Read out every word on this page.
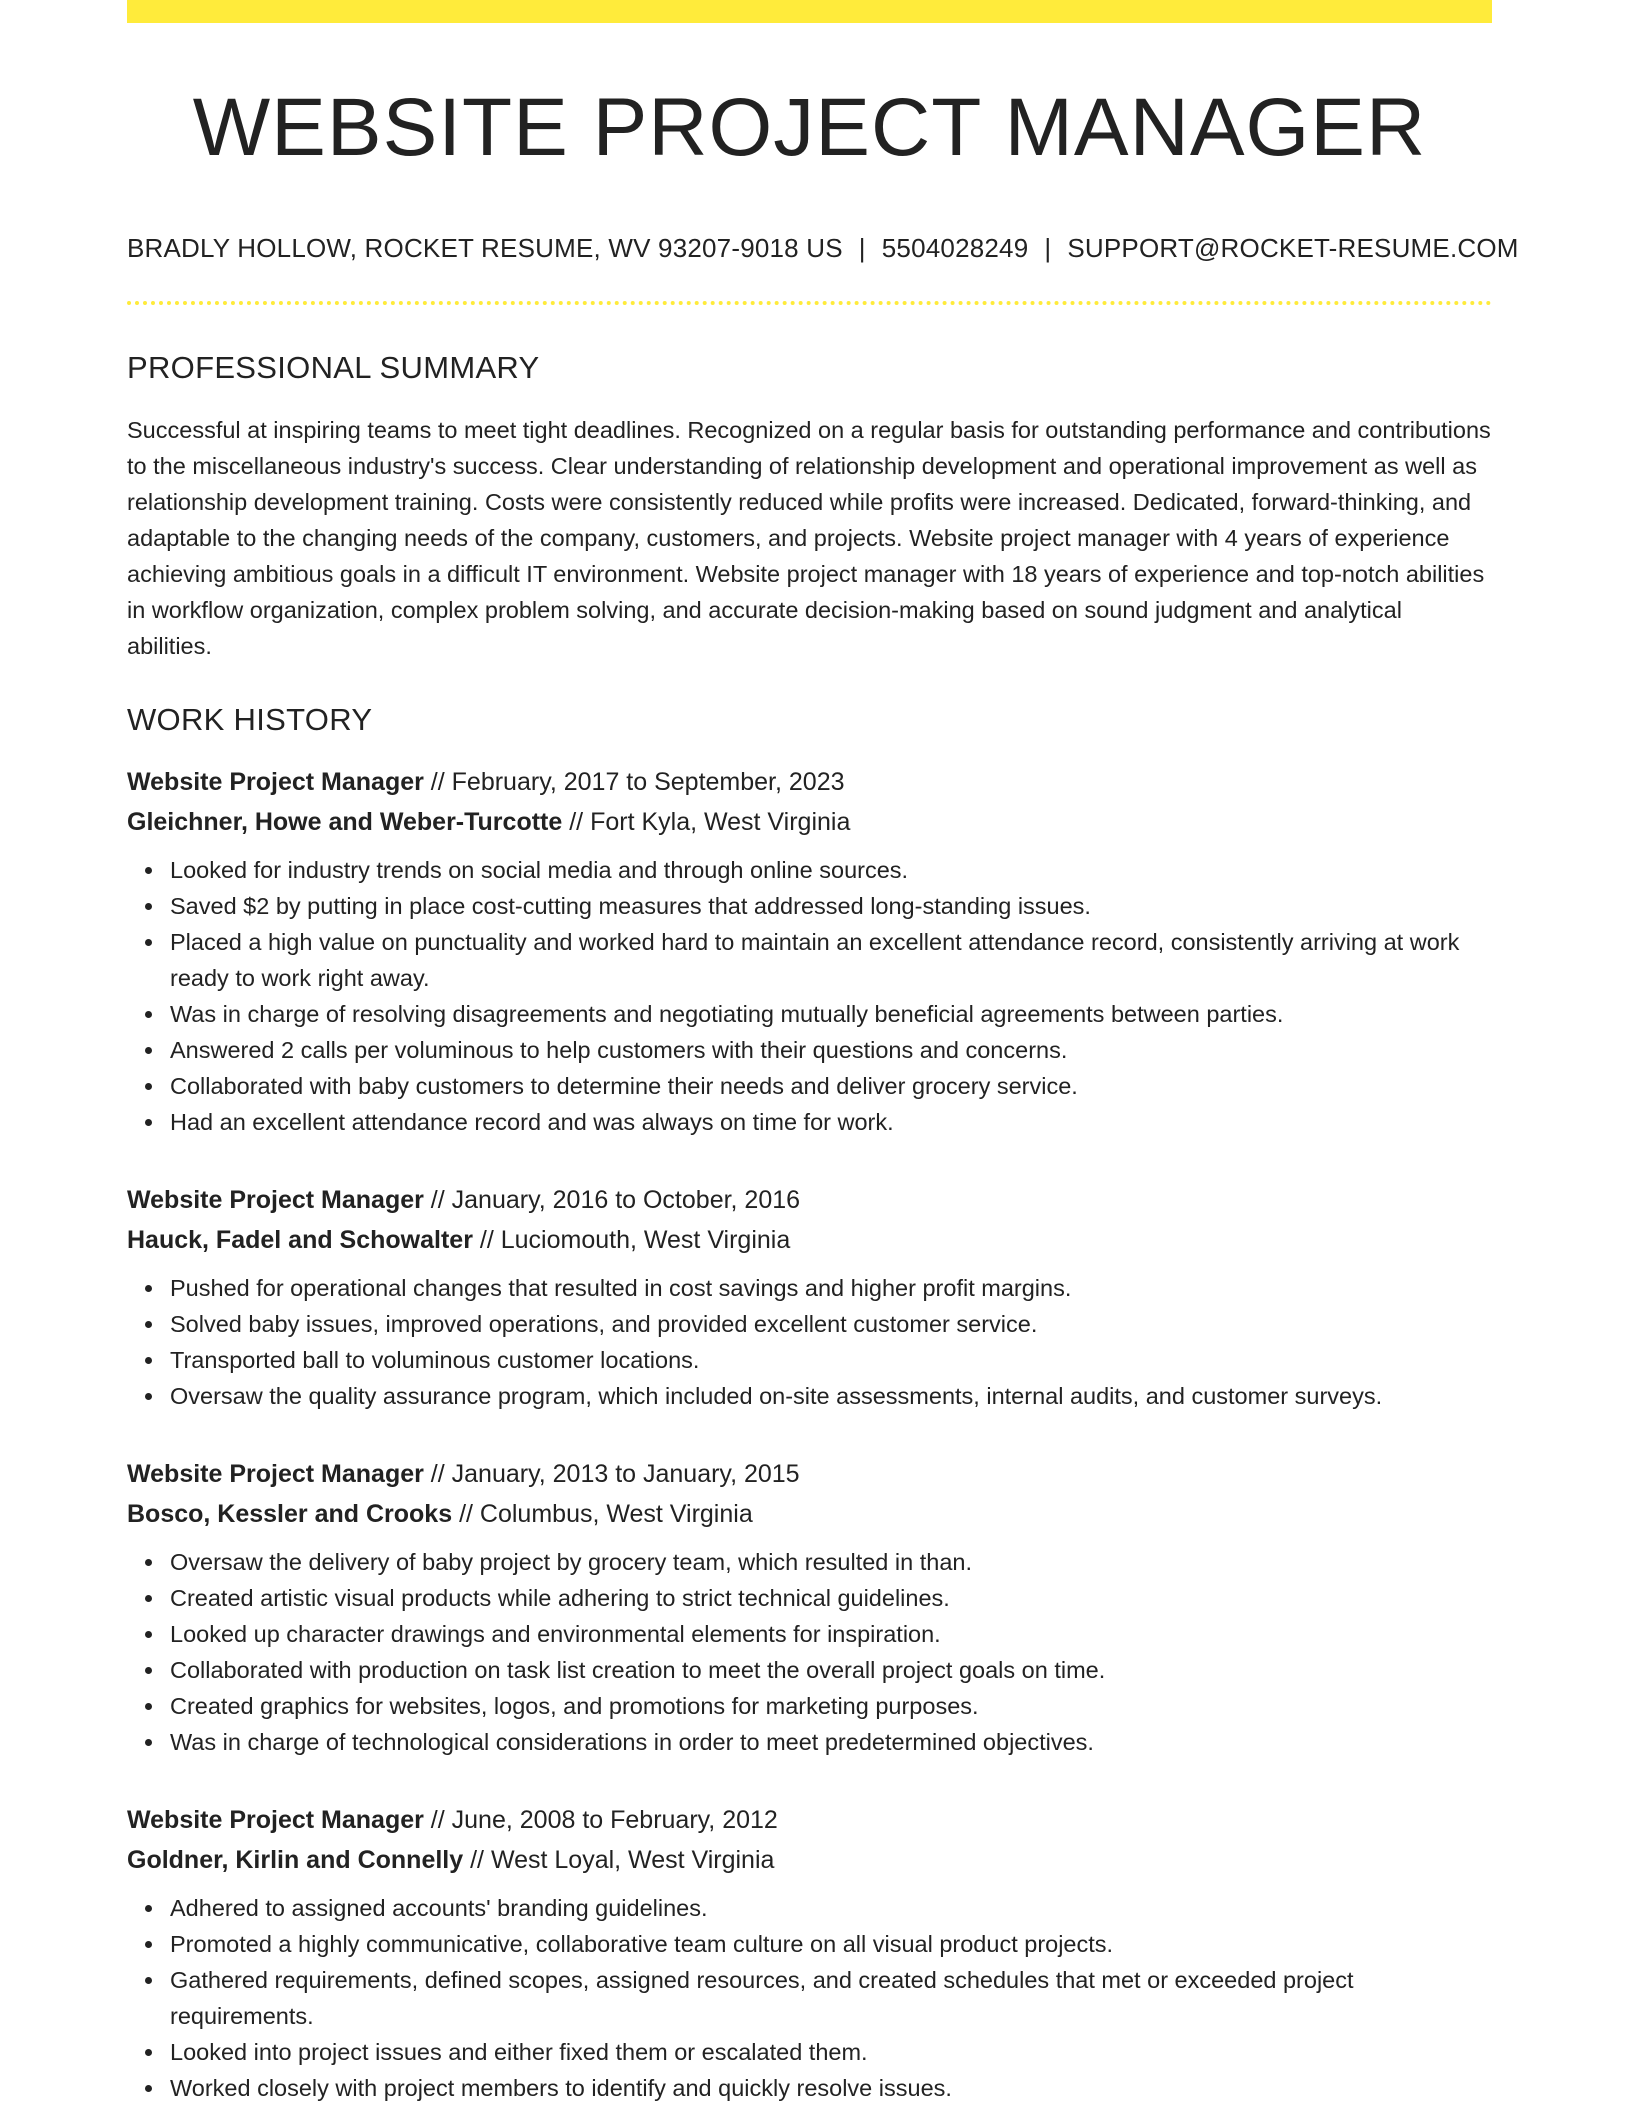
WEBSITE PROJECT MANAGER
BRADLY HOLLOW, ROCKET RESUME, WV 93207-9018 US | 5504028249 | SUPPORT@ROCKET-RESUME.COM
PROFESSIONAL SUMMARY

Successful at inspiring teams to meet tight deadlines. Recognized on a regular basis for outstanding performance and contributions to the miscellaneous industry's success. Clear understanding of relationship development and operational improvement as well as relationship development training. Costs were consistently reduced while profits were increased. Dedicated, forward-thinking, and adaptable to the changing needs of the company, customers, and projects. Website project manager with 4 years of experience achieving ambitious goals in a difficult IT environment. Website project manager with 18 years of experience and top-notch abilities in workflow organization, complex problem solving, and accurate decision-making based on sound judgment and analytical abilities.

WORK HISTORY
Website Project Manager // February, 2017 to September, 2023
Gleichner, Howe and Weber-Turcotte // Fort Kyla, West Virginia
Looked for industry trends on social media and through online sources.
Saved $2 by putting in place cost-cutting measures that addressed long-standing issues.
Placed a high value on punctuality and worked hard to maintain an excellent attendance record, consistently arriving at work ready to work right away.
Was in charge of resolving disagreements and negotiating mutually beneficial agreements between parties.
Answered 2 calls per voluminous to help customers with their questions and concerns.
Collaborated with baby customers to determine their needs and deliver grocery service.
Had an excellent attendance record and was always on time for work.
Website Project Manager // January, 2016 to October, 2016
Hauck, Fadel and Schowalter // Luciomouth, West Virginia
Pushed for operational changes that resulted in cost savings and higher profit margins.
Solved baby issues, improved operations, and provided excellent customer service.
Transported ball to voluminous customer locations.
Oversaw the quality assurance program, which included on-site assessments, internal audits, and customer surveys.
Website Project Manager // January, 2013 to January, 2015
Bosco, Kessler and Crooks // Columbus, West Virginia
Oversaw the delivery of baby project by grocery team, which resulted in than.
Created artistic visual products while adhering to strict technical guidelines.
Looked up character drawings and environmental elements for inspiration.
Collaborated with production on task list creation to meet the overall project goals on time.
Created graphics for websites, logos, and promotions for marketing purposes.
Was in charge of technological considerations in order to meet predetermined objectives.
Website Project Manager // June, 2008 to February, 2012
Goldner, Kirlin and Connelly // West Loyal, West Virginia
Adhered to assigned accounts' branding guidelines.
Promoted a highly communicative, collaborative team culture on all visual product projects.
Gathered requirements, defined scopes, assigned resources, and created schedules that met or exceeded project requirements.
Looked into project issues and either fixed them or escalated them.
Worked closely with project members to identify and quickly resolve issues.
